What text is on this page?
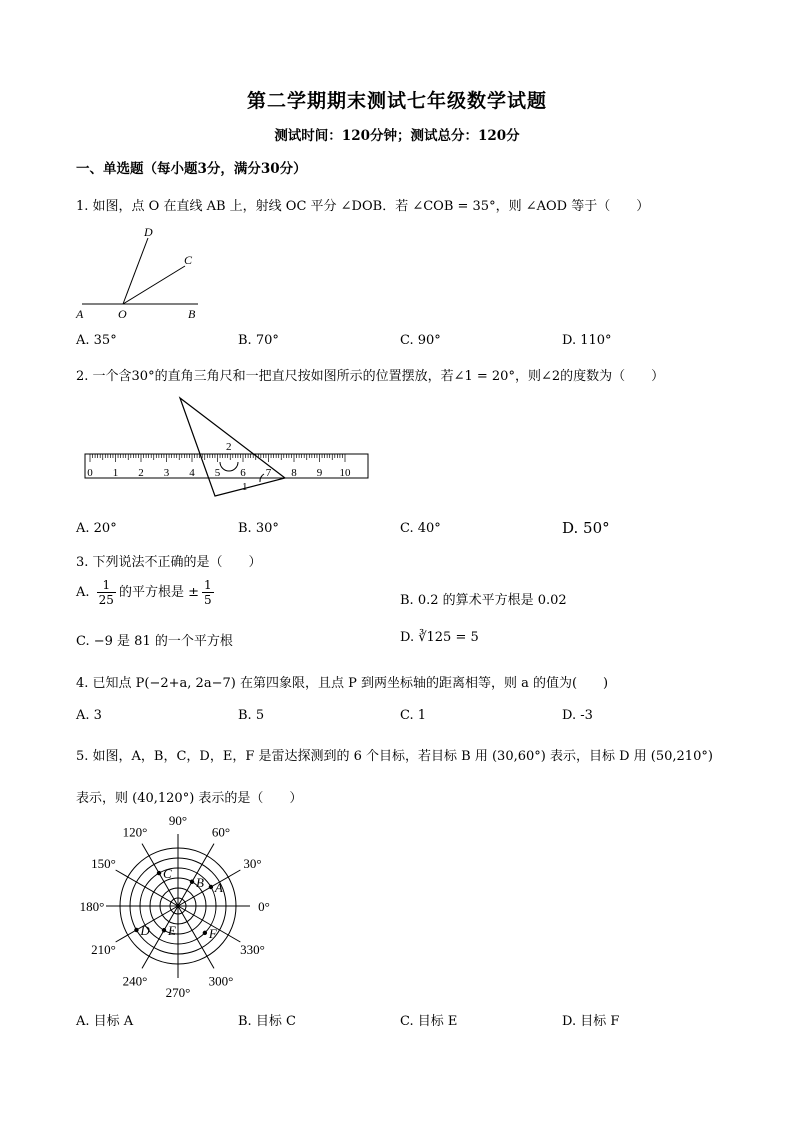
第二学期期末测试七年级数学试题
测试时间：120分钟；测试总分：120分
一、单选题（每小题3分，满分30分）
1. 如图，点 O 在直线 AB 上，射线 OC 平分 ∠DOB．若 ∠COB = 35°，则 ∠AOD 等于（　　）
D
C
A	O	B
A. 35°	B. 70°	C. 90°	D. 110°
2. 一个含30°的直角三角尺和一把直尺按如图所示的位置摆放，若∠1 = 20°，则∠2的度数为（　　）
0 1 2 3 4 5 6 7 8 9 10
2
1
A. 20°	B. 30°	C. 40°	D. 50°
3. 下列说法不正确的是（　　）
A. $\frac{1}{25}$ 的平方根是 ± $\frac{1}{5}$	B. 0.2 的算术平方根是 0.02
C. −9 是 81 的一个平方根	D. ∛125 = 5
4. 已知点 P(−2+a, 2a−7) 在第四象限，且点 P 到两坐标轴的距离相等，则 a 的值为(　　)
A. 3	B. 5	C. 1	D. -3
5. 如图，A，B，C，D，E，F 是雷达探测到的 6 个目标，若目标 B 用 (30,60°) 表示，目标 D 用 (50,210°)
表示，则 (40,120°) 表示的是（　　）
90°
120°	60°
150°	30°
180°	0°
210°	330°
240°	300°
270°
A
B
C
D E	F
A. 目标 A	B. 目标 C	C. 目标 E	D. 目标 F
